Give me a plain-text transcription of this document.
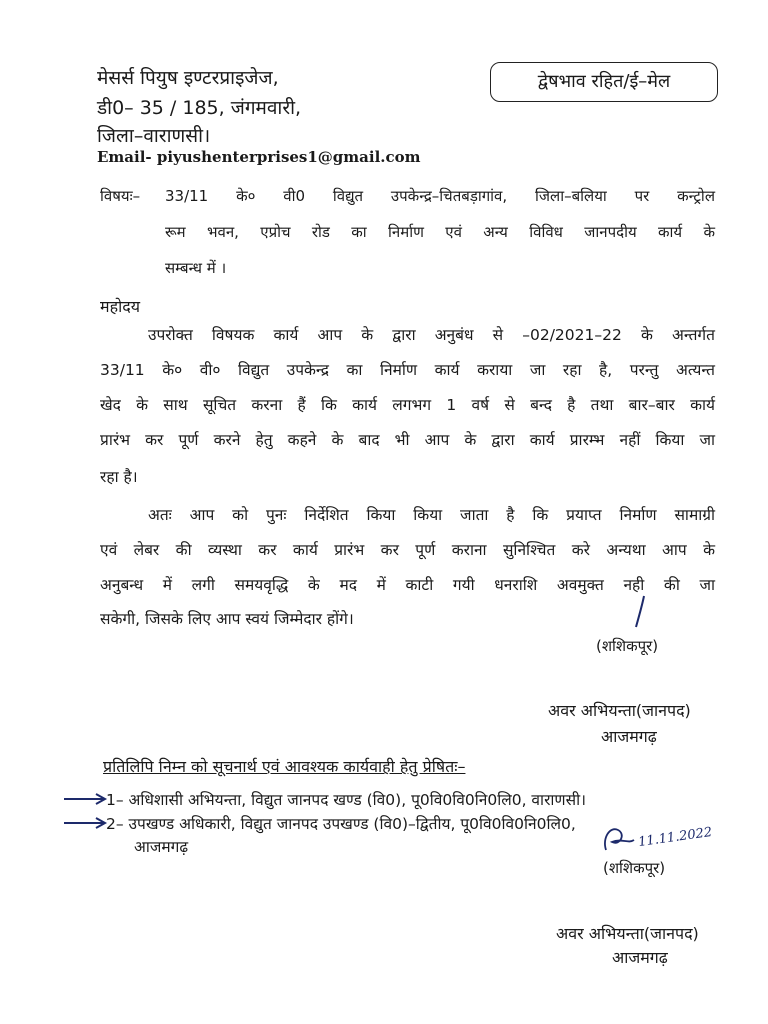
मेसर्स पियुष इण्टरप्राइजेज,
डी0– 35 / 185, जंगमवारी,
जिला–वाराणसी।
Email- piyushenterprises1@gmail.com
द्वेषभाव रहित/ई–मेल
विषयः– 33/11 के० वी0 विद्युत उपकेन्द्र–चितबड़ागांव, जिला–बलिया पर कन्ट्रोल
रूम भवन, एप्रोच रोड का निर्माण एवं अन्य विविध जानपदीय कार्य के
सम्बन्ध में ।
महोदय
उपरोक्त विषयक कार्य आप के द्वारा अनुबंध से –02/2021–22 के अन्तर्गत
33/11 के० वी० विद्युत उपकेन्द्र का निर्माण कार्य कराया जा रहा है, परन्तु अत्यन्त
खेद के साथ सूचित करना हैं कि कार्य लगभग 1 वर्ष से बन्द है तथा बार–बार कार्य
प्रारंभ कर पूर्ण करने हेतु कहने के बाद भी आप के द्वारा कार्य प्रारम्भ नहीं किया जा
रहा है।
अतः आप को पुनः निर्देशित किया किया जाता है कि प्रयाप्त निर्माण सामाग्री
एवं लेबर की व्यस्था कर कार्य प्रारंभ कर पूर्ण कराना सुनिश्चित करे अन्यथा आप के
अनुबन्ध में लगी समयवृद्धि के मद में काटी गयी धनराशि अवमुक्त नही की जा
सकेगी, जिसके लिए आप स्वयं जिम्मेदार होंगे।
(शशिकपूर)
अवर अभियन्ता(जानपद)
आजमगढ़
प्रतिलिपि निम्न को सूचनार्थ एवं आवश्यक कार्यवाही हेतु प्रेषितः–
1– अधिशासी अभियन्ता, विद्युत जानपद खण्ड (वि0), पू0वि0वि0नि0लि0, वाराणसी।
2– उपखण्ड अधिकारी, विद्युत जानपद उपखण्ड (वि0)–द्वितीय, पू0वि0वि0नि0लि0,
आजमगढ़	11.11.2022
(शशिकपूर)
अवर अभियन्ता(जानपद)
आजमगढ़
